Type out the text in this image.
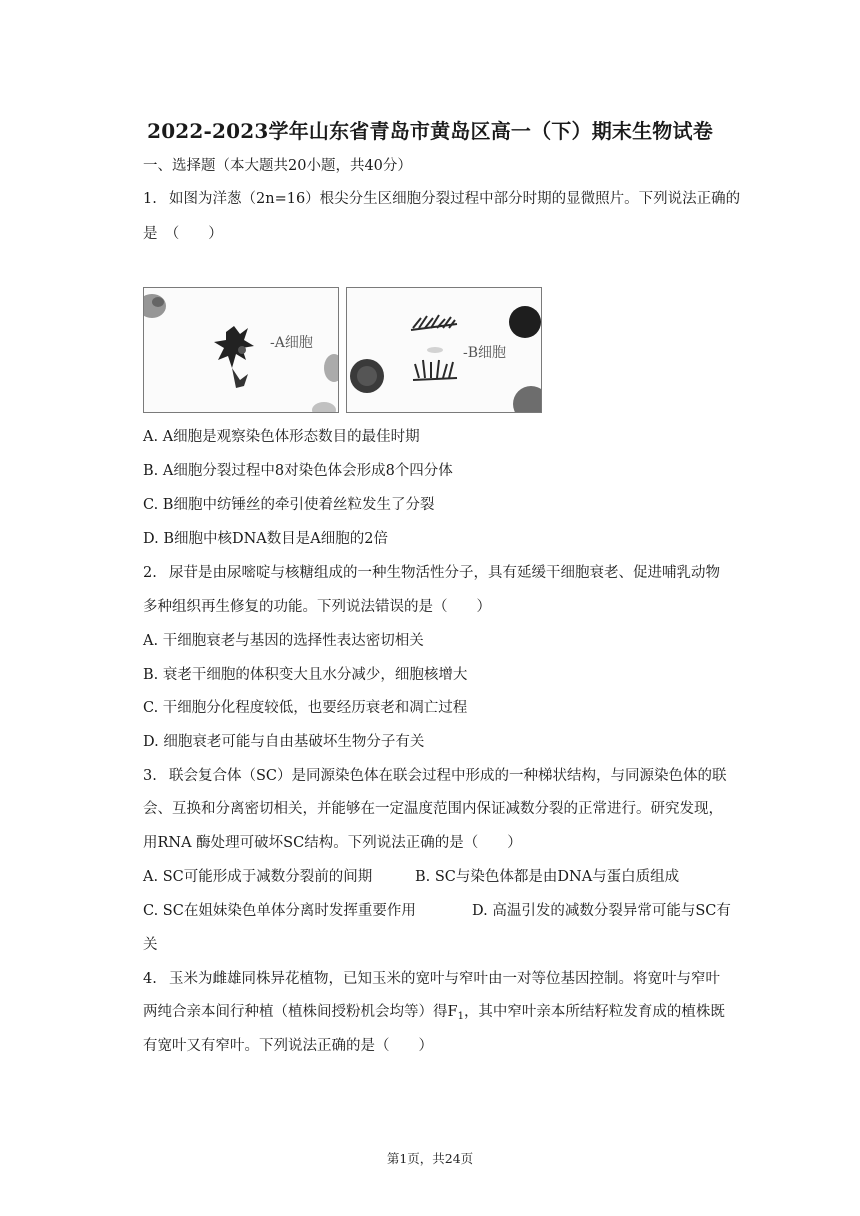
2022-2023学年山东省青岛市黄岛区高一（下）期末生物试卷
一、选择题（本大题共20小题，共40分）
1. 如图为洋葱（2n=16）根尖分生区细胞分裂过程中部分时期的显微照片。下列说法正确的
是　（　　）
-A细胞
-B细胞
A. A细胞是观察染色体形态数目的最佳时期
B. A细胞分裂过程中8对染色体会形成8个四分体
C. B细胞中纺锤丝的牵引使着丝粒发生了分裂
D. B细胞中核DNA数目是A细胞的2倍
2. 尿苷是由尿嘧啶与核糖组成的一种生物活性分子，具有延缓干细胞衰老、促进哺乳动物
多种组织再生修复的功能。下列说法错误的是（　　）
A. 干细胞衰老与基因的选择性表达密切相关
B. 衰老干细胞的体积变大且水分减少，细胞核增大
C. 干细胞分化程度较低，也要经历衰老和凋亡过程
D. 细胞衰老可能与自由基破坏生物分子有关
3. 联会复合体（SC）是同源染色体在联会过程中形成的一种梯状结构，与同源染色体的联
会、互换和分离密切相关，并能够在一定温度范围内保证减数分裂的正常进行。研究发现，
用RNA 酶处理可破坏SC结构。下列说法正确的是（　　）
A. SC可能形成于减数分裂前的间期	B. SC与染色体都是由DNA与蛋白质组成
C. SC在姐妹染色单体分离时发挥重要作用	D. 高温引发的减数分裂异常可能与SC有
关
4. 玉米为雌雄同株异花植物，已知玉米的宽叶与窄叶由一对等位基因控制。将宽叶与窄叶
两纯合亲本间行种植（植株间授粉机会均等）得$F_1$，其中窄叶亲本所结籽粒发育成的植株既
有宽叶又有窄叶。下列说法正确的是（　　）
第1页，共24页
